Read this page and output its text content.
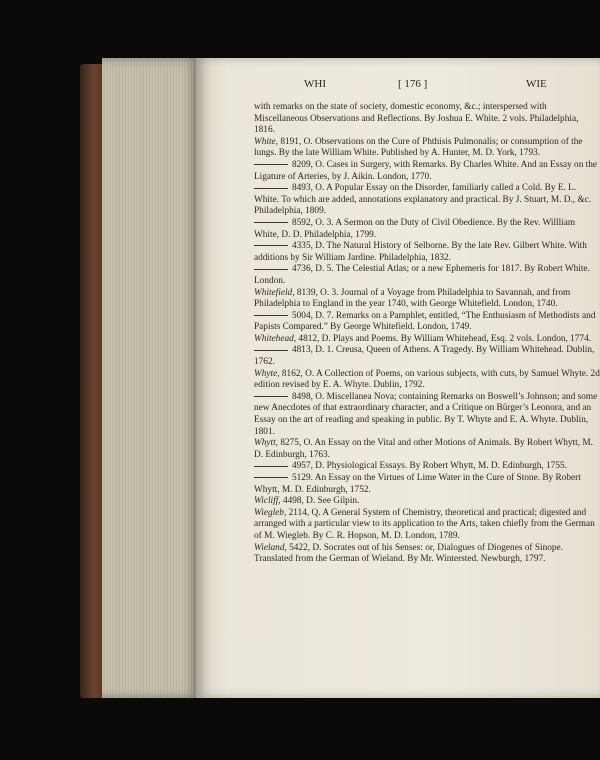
WHI	[ 176 ]	WIE

with remarks on the state of society, domestic economy, &c.; interspersed with Miscellaneous Observations and Reflections. By Joshua E. White. 2 vols. Philadelphia, 1816.

White, 8191, O. Observations on the Cure of Phthisis Pulmonalis; or consumption of the lungs. By the late William White. Published by A. Hunter, M. D. York, 1793.

8209, O. Cases in Surgery, with Remarks. By Charles White. And an Essay on the Ligature of Arteries, by J. Aikin. London, 1770.

8493, O. A Popular Essay on the Disorder, familiarly called a Cold. By E. L. White. To which are added, annotations explanatory and practical. By J. Stuart, M. D., &c. Philadelphia, 1809.

8592, O. 3. A Sermon on the Duty of Civil Obedience. By the Rev. Willliam White, D. D. Philadelphia, 1799.

4335, D. The Natural History of Selborne. By the late Rev. Gilbert White. With additions by Sir William Jardine. Philadelphia, 1832.

4736, D. 5. The Celestial Atlas; or a new Ephemeris for 1817. By Robert White. London.

Whitefield, 8139, O. 3. Journal of a Voyage from Philadelphia to Savannah, and from Philadelphia to England in the year 1740, with George Whitefield. London, 1740.

5004, D. 7. Remarks on a Pamphlet, entitled, “The Enthusiasm of Methodists and Papists Compared.” By George Whitefield. London, 1749.

Whitehead, 4812, D. Plays and Poems. By William Whitehead, Esq. 2 vols. London, 1774.

4813, D. 1. Creusa, Queen of Athens. A Tragedy. By William Whitehead. Dublin, 1762.

Whyte, 8162, O. A Collection of Poems, on various subjects, with cuts, by Samuel Whyte. 2d edition revised by E. A. Whyte. Dublin, 1792.

8498, O. Miscellanea Nova; containing Remarks on Boswell’s Johnson; and some new Anecdotes of that extraordinary character, and a Critique on Bürger’s Leonora, and an Essay on the art of reading and speaking in public. By T. Whyte and E. A. Whyte. Dublin, 1801.

Whytt, 8275, O. An Essay on the Vital and other Motions of Animals. By Robert Whytt, M. D. Edinburgh, 1763.

4957, D. Physiological Essays. By Robert Whytt, M. D. Edinburgh, 1755.

5129. An Essay on the Virtues of Lime Water in the Cure of Stone. By Robert Whytt, M. D. Edinburgh, 1752.

Wicliff, 4498, D. See Gilpin.

Wiegleb, 2114, Q. A General System of Chemistry, theoretical and practical; digested and arranged with a particular view to its application to the Arts, taken chiefly from the German of M. Wiegleb. By C. R. Hopson, M. D. London, 1789.

Wieland, 5422, D. Socrates out of his Senses: or, Dialogues of Diogenes of Sinope. Translated from the German of Wieland. By Mr. Wintersted. Newburgh, 1797.
